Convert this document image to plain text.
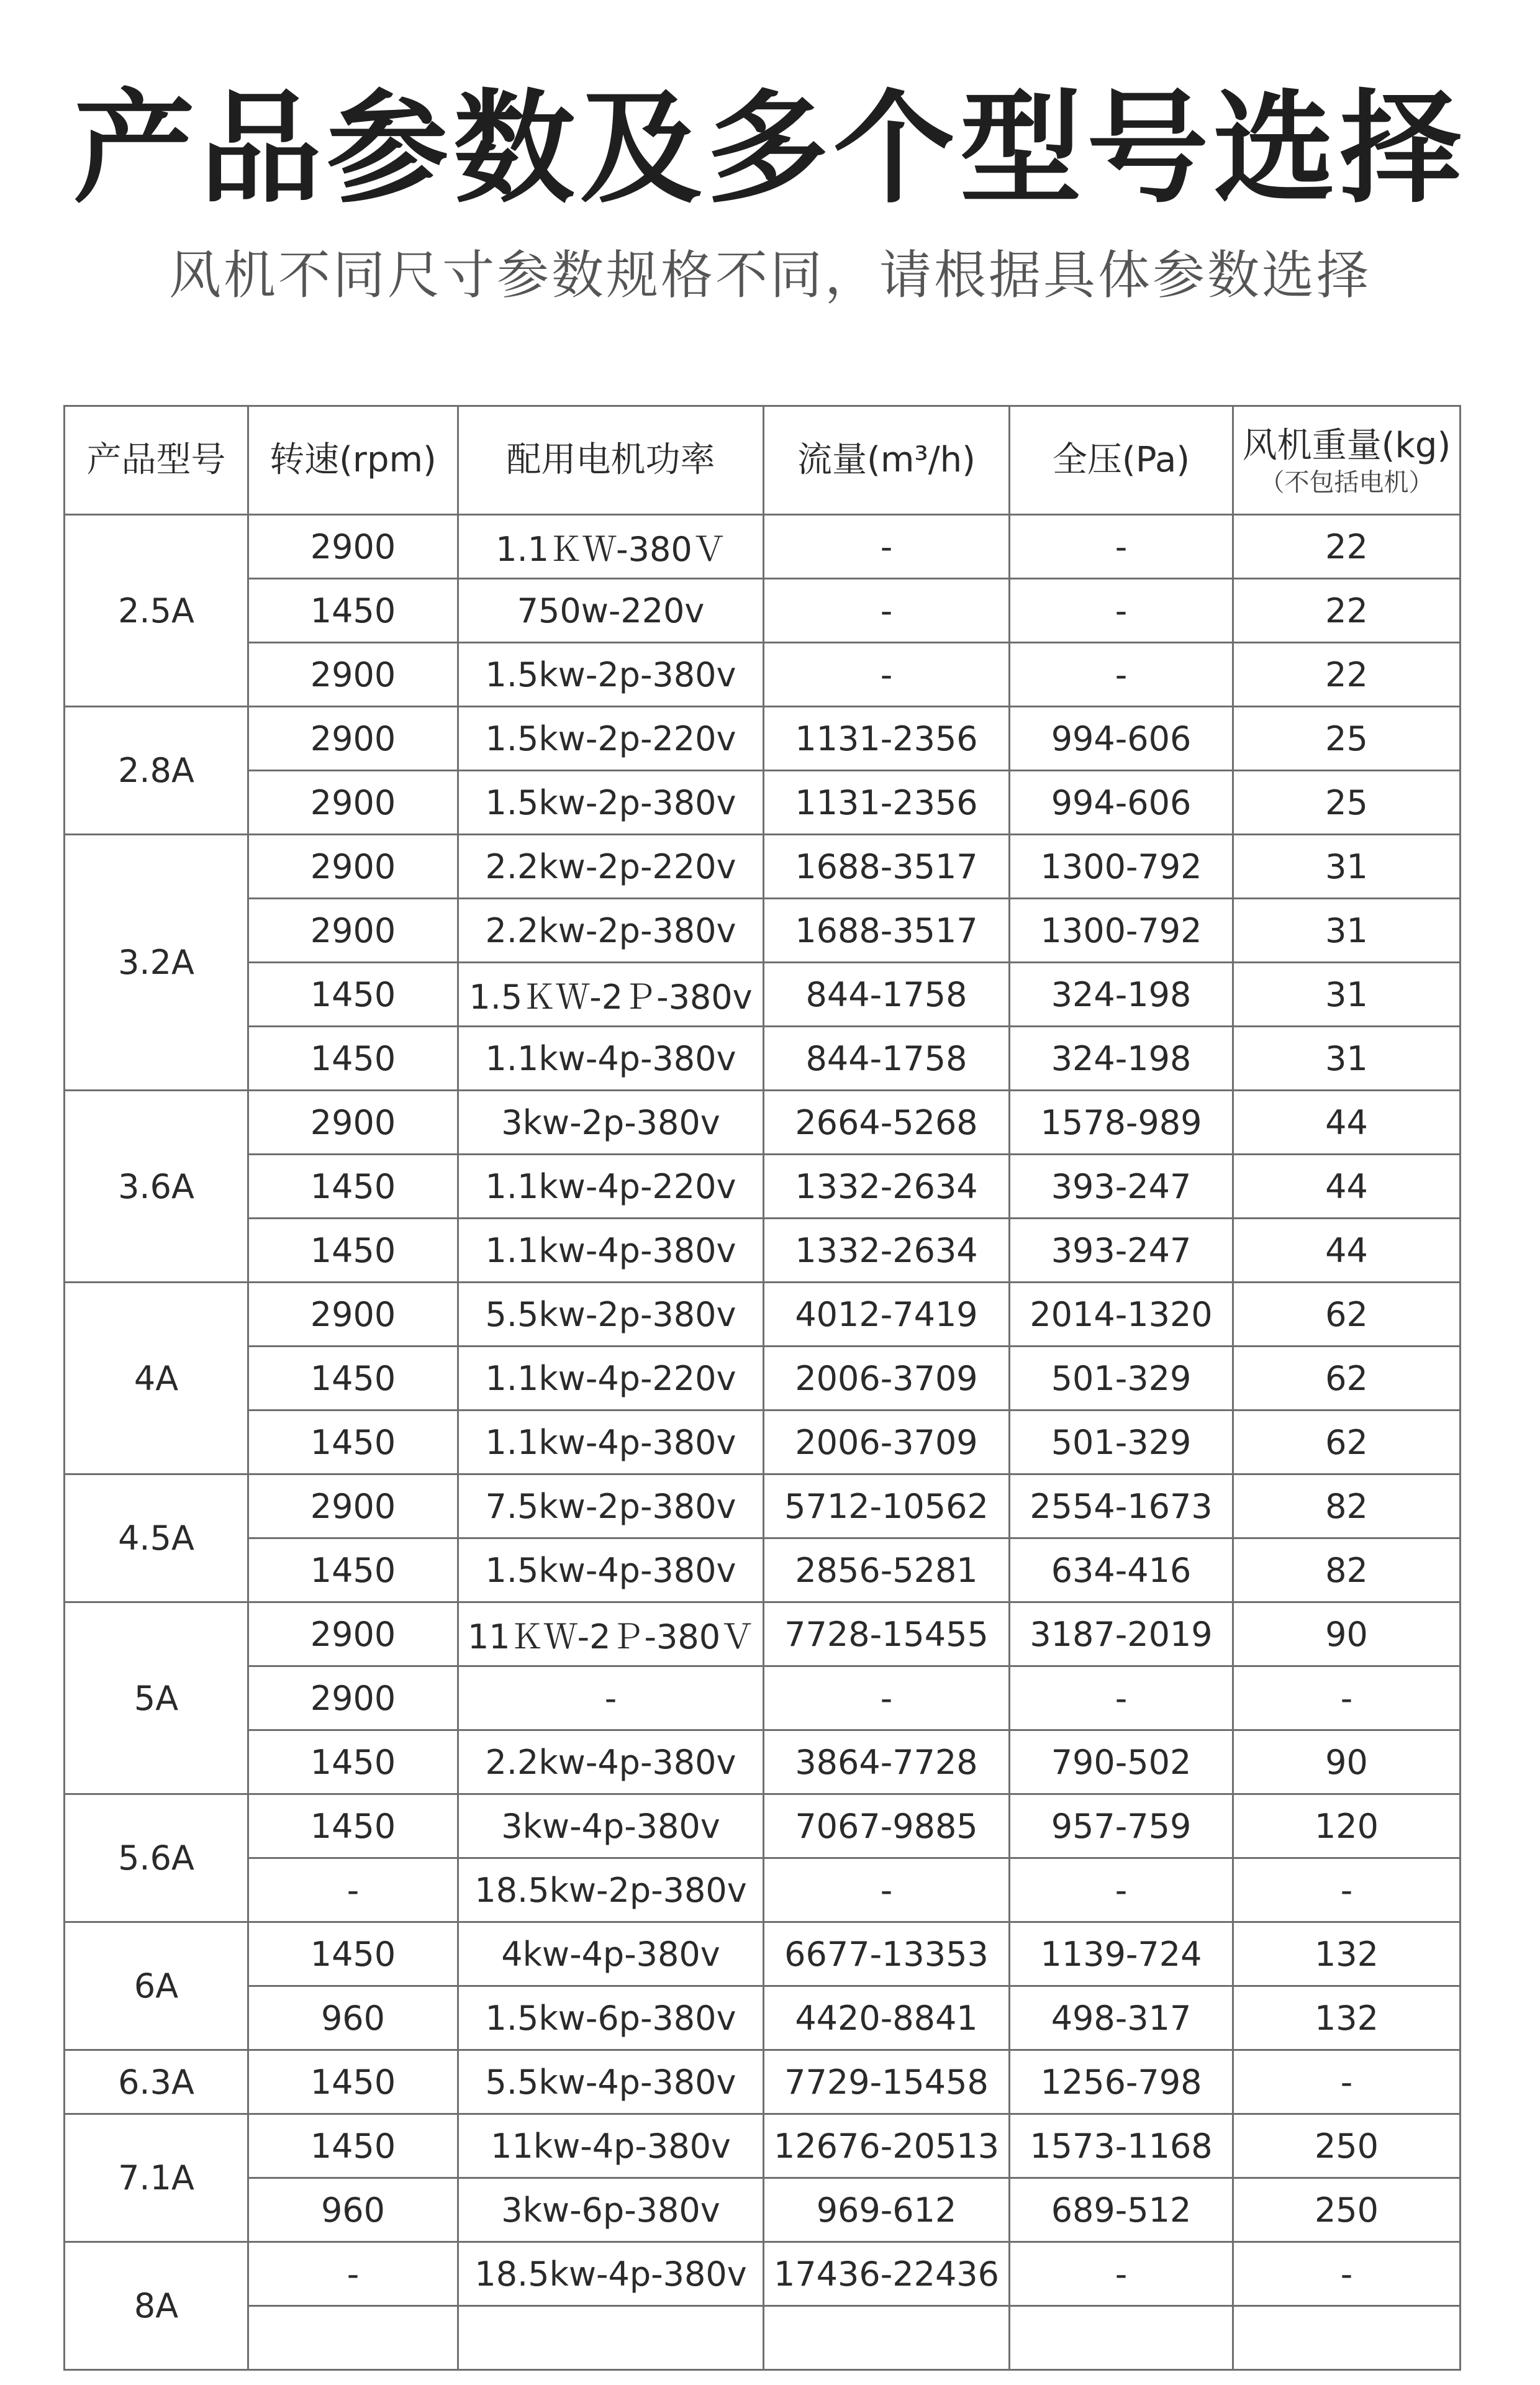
产品参数及多个型号选择

风机不同尺寸参数规格不同，请根据具体参数选择

产品型号	转速(rpm)	配用电机功率	流量(m³/h)	全压(Pa)	风机重量(kg)
（不包括电机）

2.5A	2900	1.1ＫＷ-380Ｖ	-	-	22
	1450	750w-220v	-	-	22
	2900	1.5kw-2p-380v	-	-	22
2.8A	2900	1.5kw-2p-220v	1131-2356	994-606	25
	2900	1.5kw-2p-380v	1131-2356	994-606	25
3.2A	2900	2.2kw-2p-220v	1688-3517	1300-792	31
	2900	2.2kw-2p-380v	1688-3517	1300-792	31
	1450	1.5ＫＷ-2Ｐ-380v	844-1758	324-198	31
	1450	1.1kw-4p-380v	844-1758	324-198	31
3.6A	2900	3kw-2p-380v	2664-5268	1578-989	44
	1450	1.1kw-4p-220v	1332-2634	393-247	44
	1450	1.1kw-4p-380v	1332-2634	393-247	44
4A	2900	5.5kw-2p-380v	4012-7419	2014-1320	62
	1450	1.1kw-4p-220v	2006-3709	501-329	62
	1450	1.1kw-4p-380v	2006-3709	501-329	62
4.5A	2900	7.5kw-2p-380v	5712-10562	2554-1673	82
	1450	1.5kw-4p-380v	2856-5281	634-416	82
5A	2900	11ＫＷ-2Ｐ-380Ｖ	7728-15455	3187-2019	90
	2900	-	-	-	-
	1450	2.2kw-4p-380v	3864-7728	790-502	90
5.6A	1450	3kw-4p-380v	7067-9885	957-759	120
	-	18.5kw-2p-380v	-	-	-
6A	1450	4kw-4p-380v	6677-13353	1139-724	132
	960	1.5kw-6p-380v	4420-8841	498-317	132
6.3A	1450	5.5kw-4p-380v	7729-15458	1256-798	-
7.1A	1450	11kw-4p-380v	12676-20513	1573-1168	250
	960	3kw-6p-380v	969-612	689-512	250
8A	-	18.5kw-4p-380v	17436-22436	-	-
